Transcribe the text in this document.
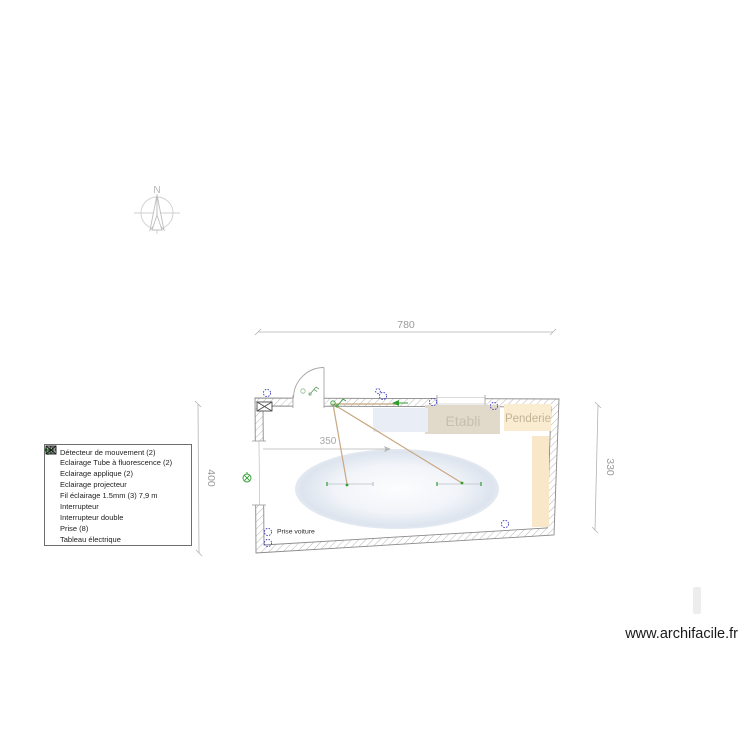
N
780
330
400
Etabli Penderie
350
Prise voiture
Détecteur de mouvement (2)
Eclairage Tube à fluorescence (2)
Eclairage applique (2)
Eclairage projecteur
Fil éclairage 1.5mm (3) 7,9 m
Interrupteur
Interrupteur double
Prise (8)
Tableau électrique
www.archifacile.fr
